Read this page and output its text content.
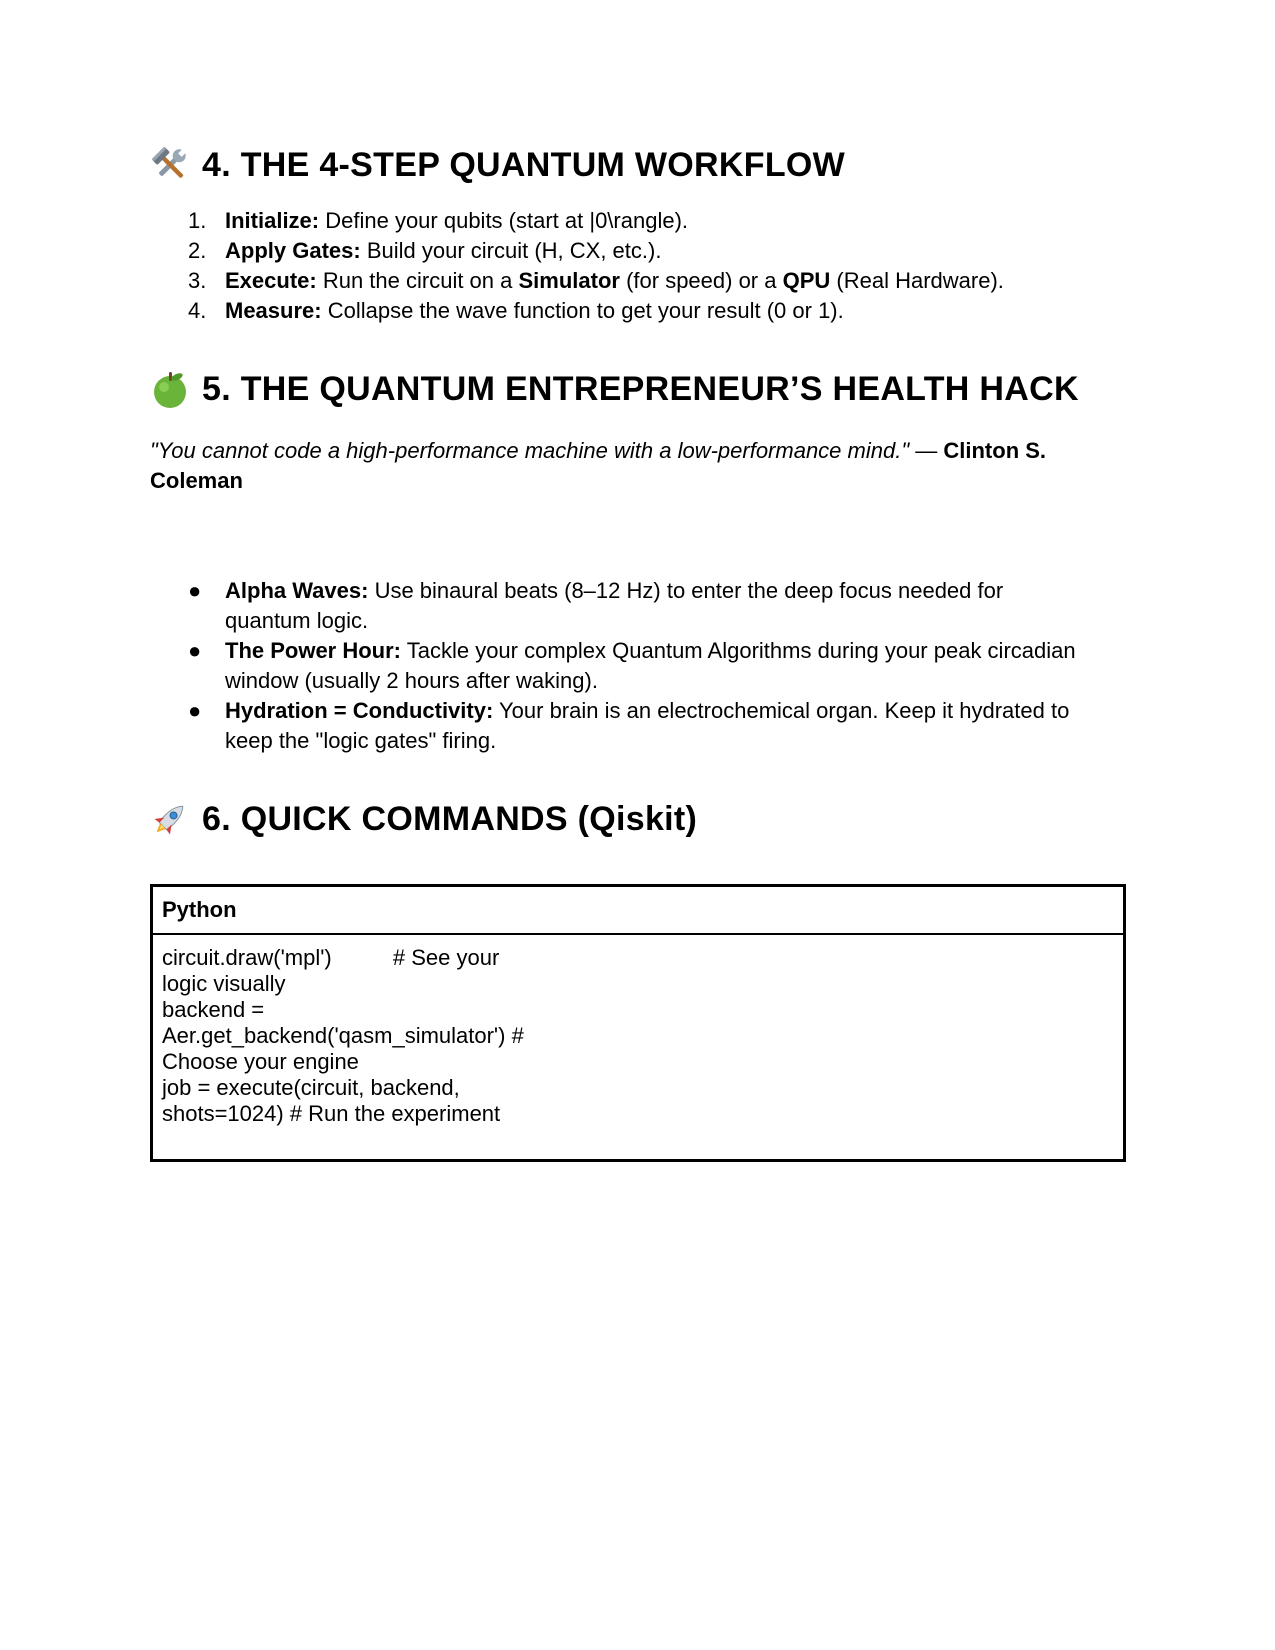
4. THE 4-STEP QUANTUM WORKFLOW
1. Initialize: Define your qubits (start at |0\rangle).
2. Apply Gates: Build your circuit (H, CX, etc.).
3. Execute: Run the circuit on a Simulator (for speed) or a QPU (Real Hardware).
4. Measure: Collapse the wave function to get your result (0 or 1).
5. THE QUANTUM ENTREPRENEUR’S HEALTH HACK

"You cannot code a high-performance machine with a low-performance mind." — Clinton S.
Coleman

● Alpha Waves: Use binaural beats (8–12 Hz) to enter the deep focus needed for
quantum logic.
● The Power Hour: Tackle your complex Quantum Algorithms during your peak circadian
window (usually 2 hours after waking).
● Hydration = Conductivity: Your brain is an electrochemical organ. Keep it hydrated to
keep the "logic gates" firing.
6. QUICK COMMANDS (Qiskit)
Python
circuit.draw('mpl')          # See your
logic visually
backend =
Aer.get_backend('qasm_simulator') #
Choose your engine
job = execute(circuit, backend,
shots=1024) # Run the experiment
